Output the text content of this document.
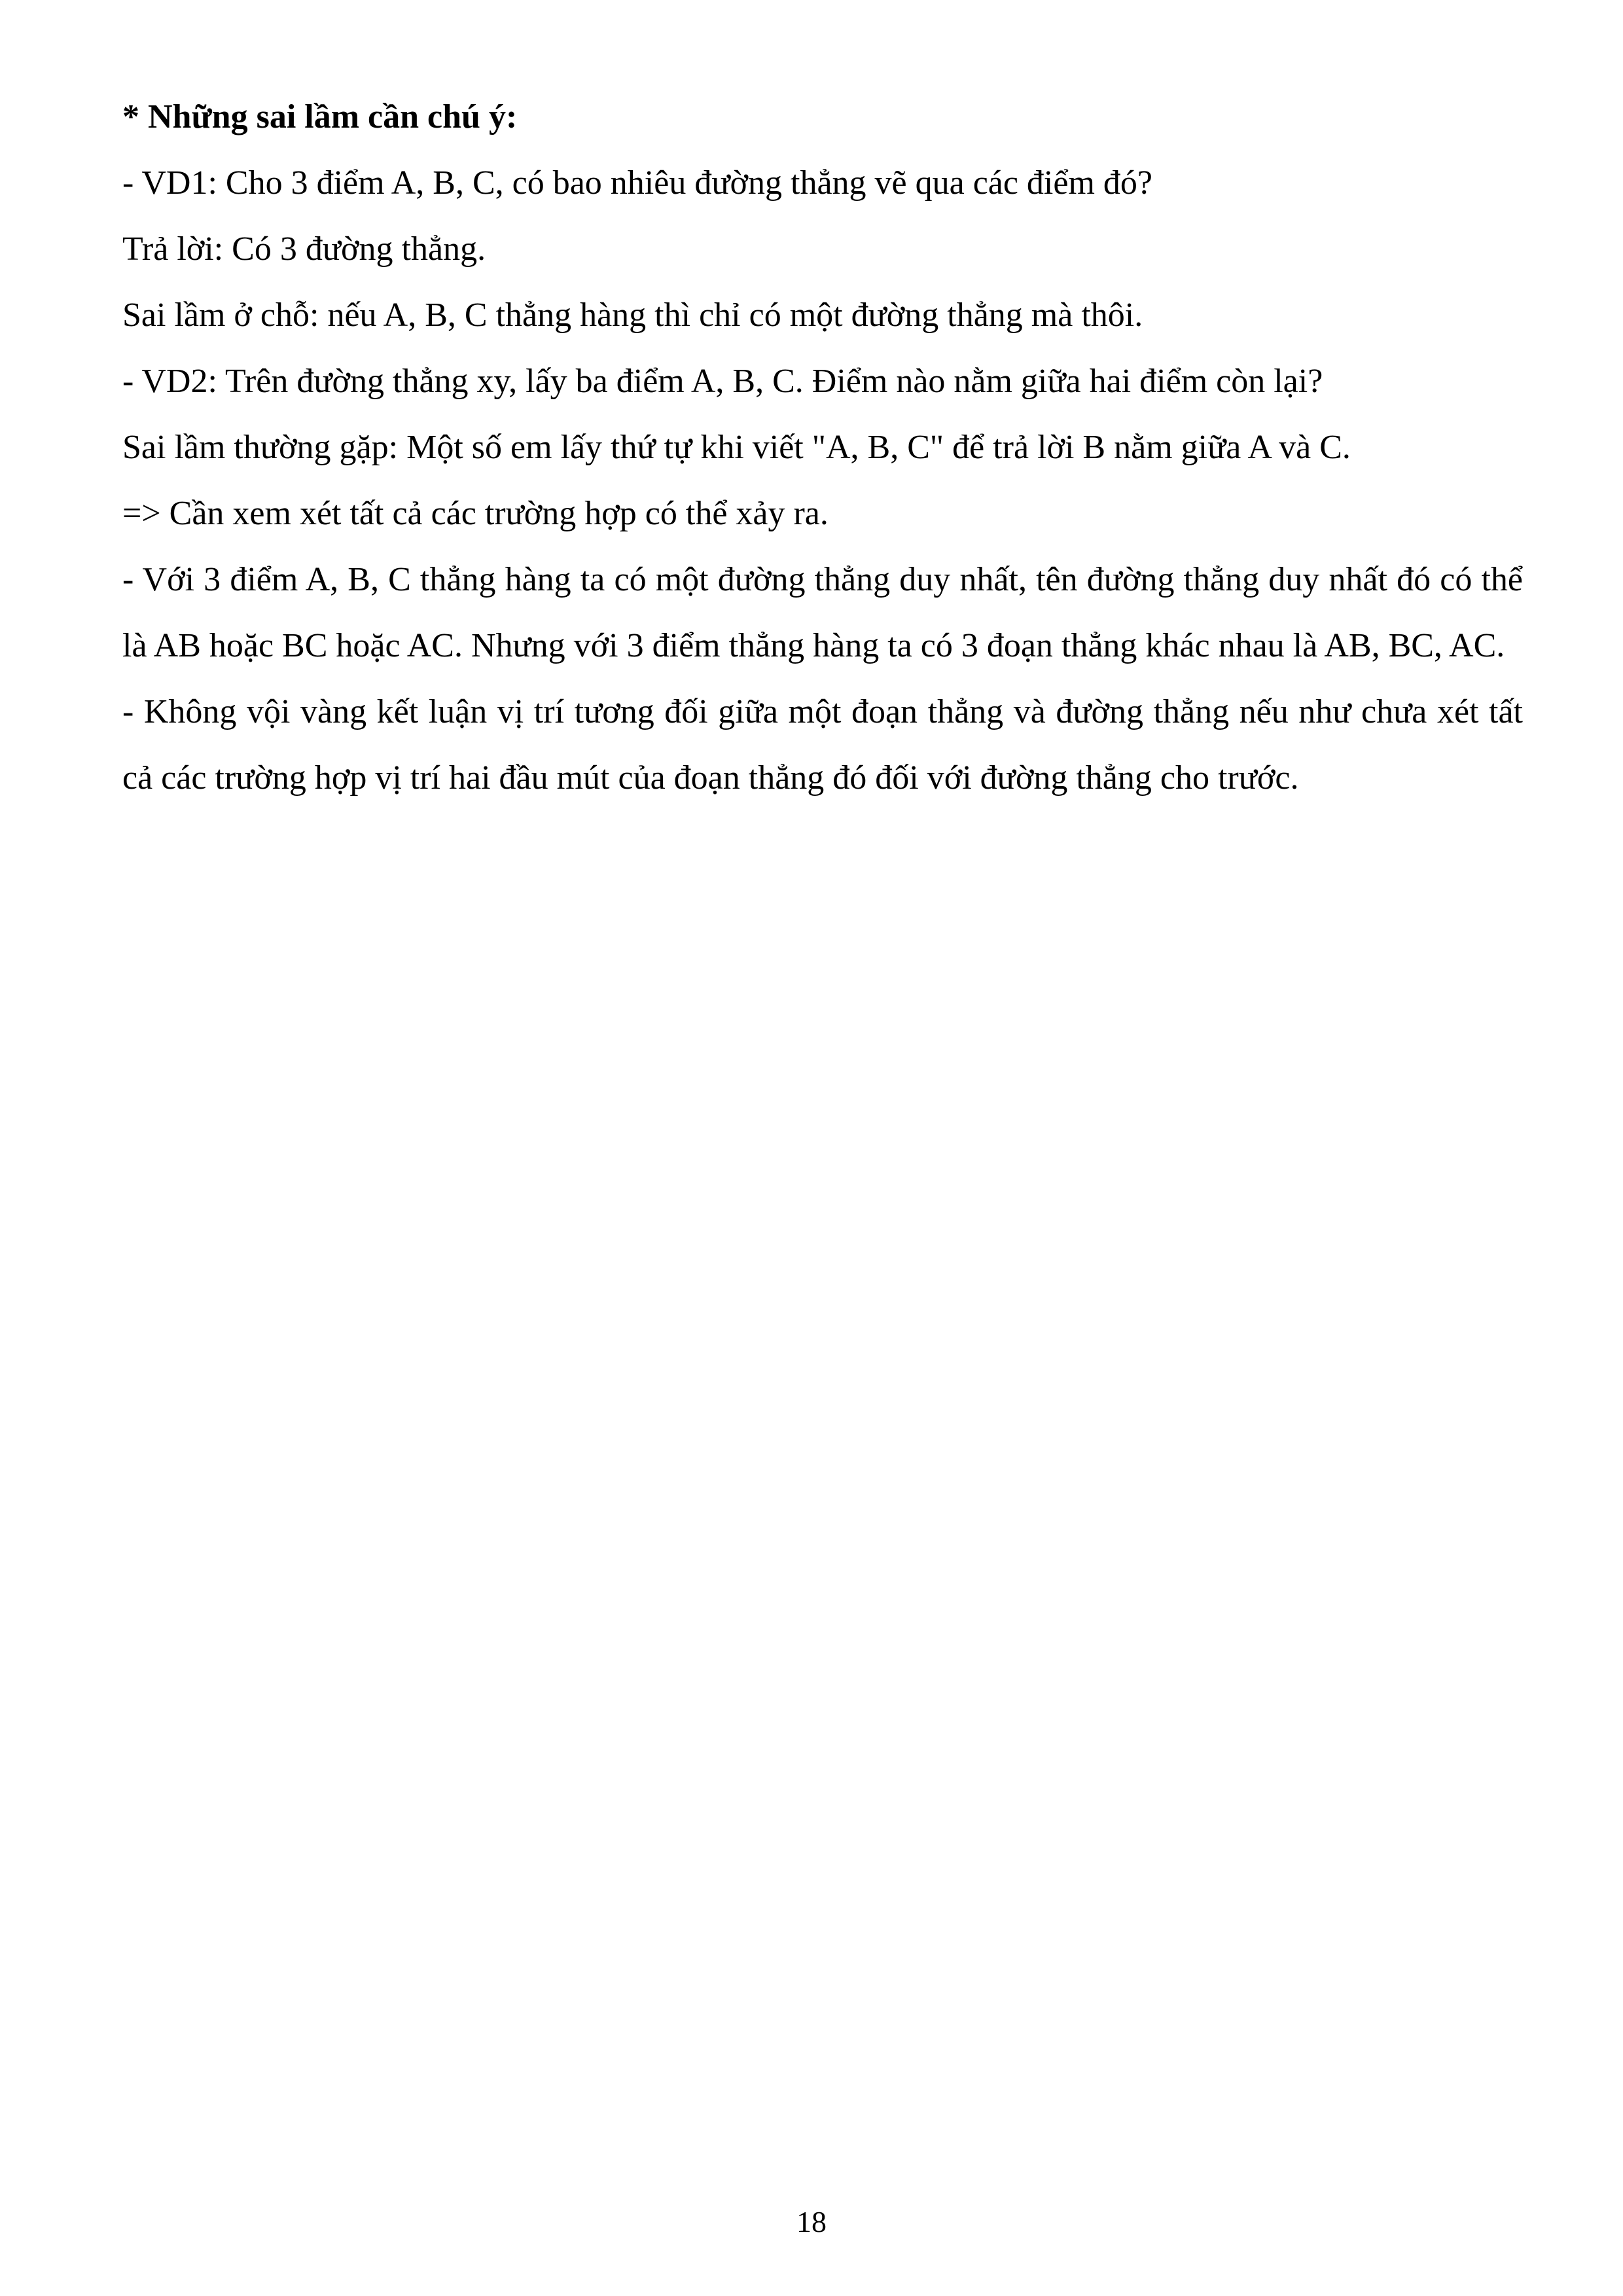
* Những sai lầm cần chú ý:
- VD1: Cho 3 điểm A, B, C, có bao nhiêu đường thẳng vẽ qua các điểm đó?
Trả lời: Có 3 đường thẳng.
Sai lầm ở chỗ: nếu A, B, C thẳng hàng thì chỉ có một đường thẳng mà thôi.
- VD2: Trên đường thẳng xy, lấy ba điểm A, B, C. Điểm nào nằm giữa hai điểm còn lại?
Sai lầm thường gặp: Một số em lấy thứ tự khi viết "A, B, C" để trả lời B nằm giữa A và C.
=> Cần xem xét tất cả các trường hợp có thể xảy ra.
- Với 3 điểm A, B, C thẳng hàng ta có một đường thẳng duy nhất, tên đường thẳng duy nhất đó có thể là AB hoặc BC hoặc AC. Nhưng với 3 điểm thẳng hàng ta có 3 đoạn thẳng khác nhau là AB, BC, AC.
- Không vội vàng kết luận vị trí tương đối giữa một đoạn thẳng và đường thẳng nếu như chưa xét tất cả các trường hợp vị trí hai đầu mút của đoạn thẳng đó đối với đường thẳng cho trước.
18
